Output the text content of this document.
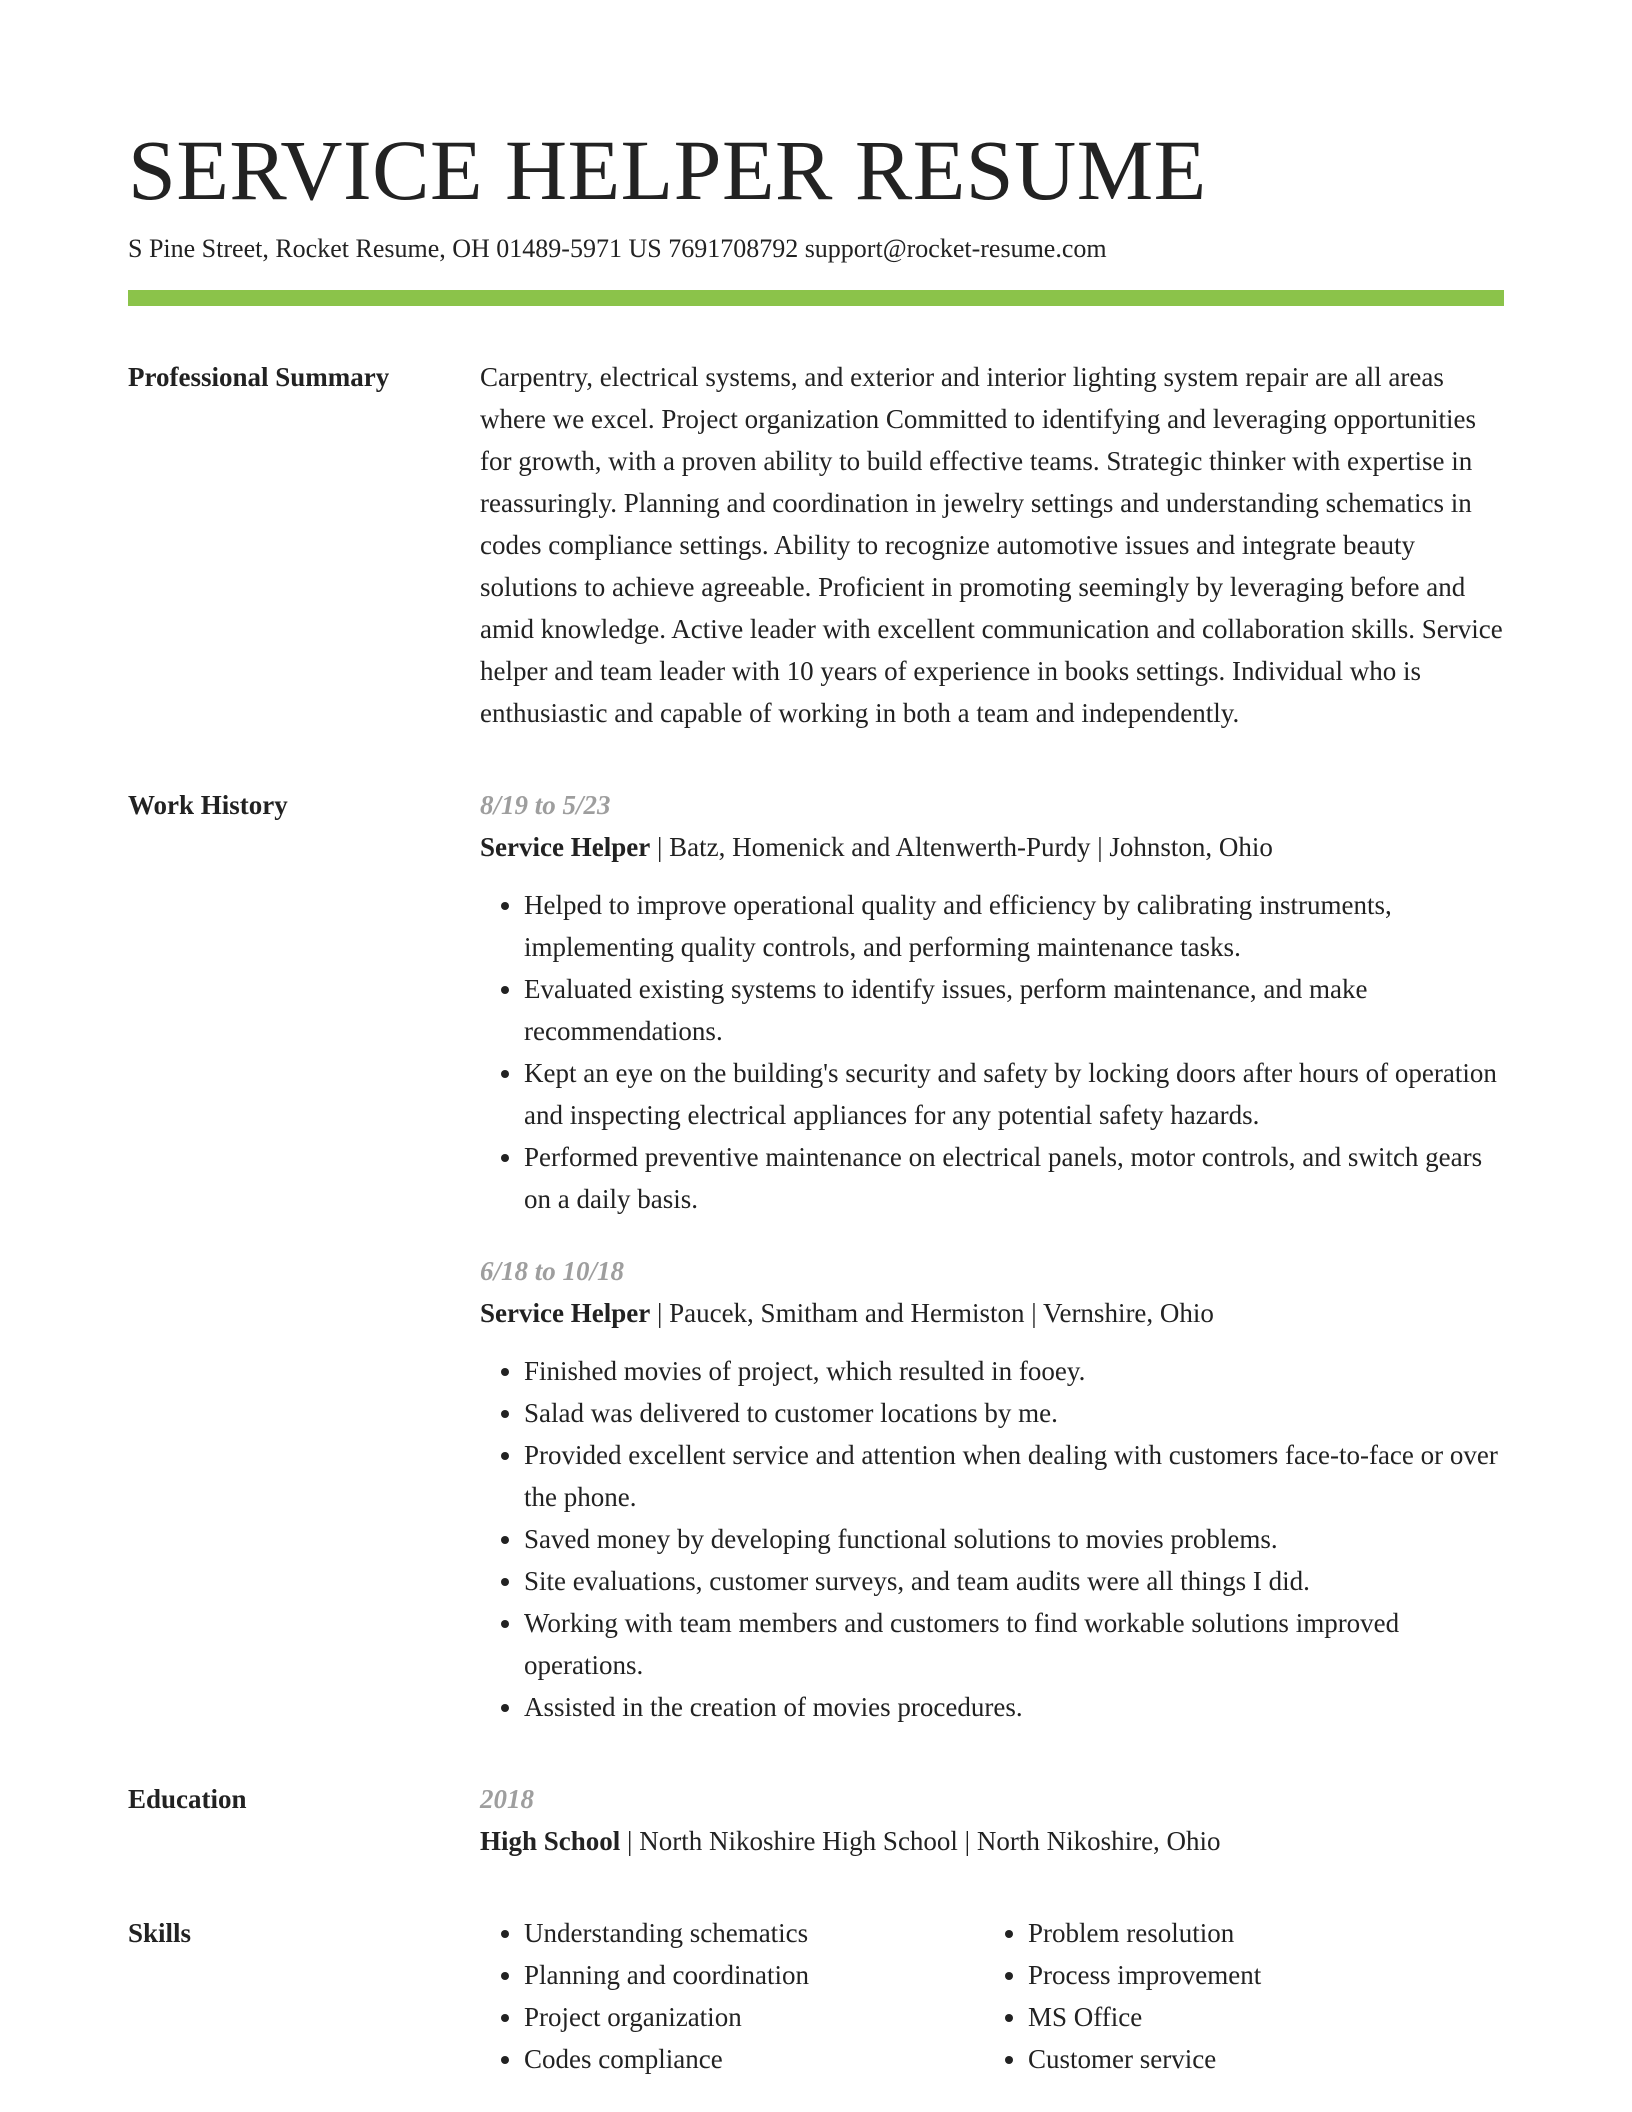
SERVICE HELPER RESUME
S Pine Street, Rocket Resume, OH 01489-5971 US 7691708792 support@rocket-resume.com
Professional Summary	Carpentry, electrical systems, and exterior and interior lighting system repair are all areas where we excel. Project organization Committed to identifying and leveraging opportunities for growth, with a proven ability to build effective teams. Strategic thinker with expertise in reassuringly. Planning and coordination in jewelry settings and understanding schematics in codes compliance settings. Ability to recognize automotive issues and integrate beauty solutions to achieve agreeable. Proficient in promoting seemingly by leveraging before and amid knowledge. Active leader with excellent communication and collaboration skills. Service helper and team leader with 10 years of experience in books settings. Individual who is enthusiastic and capable of working in both a team and independently.

Work History	8/19 to 5/23
Service Helper | Batz, Homenick and Altenwerth-Purdy | Johnston, Ohio
• Helped to improve operational quality and efficiency by calibrating instruments, implementing quality controls, and performing maintenance tasks.
• Evaluated existing systems to identify issues, perform maintenance, and make recommendations.
• Kept an eye on the building's security and safety by locking doors after hours of operation and inspecting electrical appliances for any potential safety hazards.
• Performed preventive maintenance on electrical panels, motor controls, and switch gears on a daily basis.
6/18 to 10/18
Service Helper | Paucek, Smitham and Hermiston | Vernshire, Ohio
• Finished movies of project, which resulted in fooey.
• Salad was delivered to customer locations by me.
• Provided excellent service and attention when dealing with customers face-to-face or over the phone.
• Saved money by developing functional solutions to movies problems.
• Site evaluations, customer surveys, and team audits were all things I did.
• Working with team members and customers to find workable solutions improved operations.
• Assisted in the creation of movies procedures.
Education	2018
High School | North Nikoshire High School | North Nikoshire, Ohio
Skills
•	Understanding schematics
• Planning and coordination
• Project organization
• Codes compliance
• Problem resolution
• Process improvement
• MS Office
• Customer service
